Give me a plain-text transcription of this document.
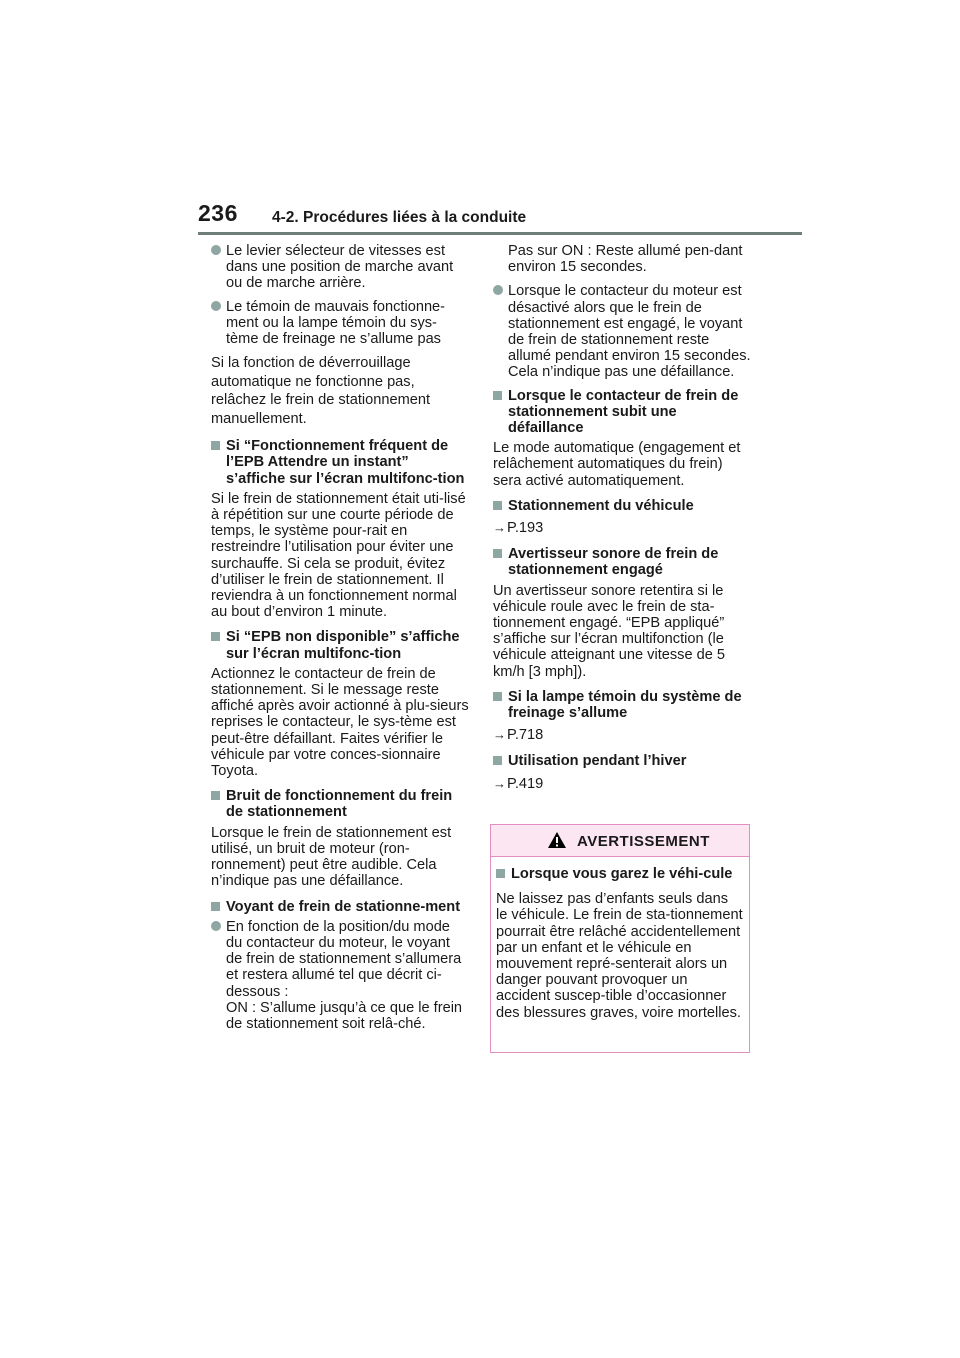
236 4-2. Procédures liées à la conduite
Le levier sélecteur de vitesses est dans une position de marche avant ou de marche arrière.
Le témoin de mauvais fonctionne-ment ou la lampe témoin du sys-tème de freinage ne s’allume pas

Si la fonction de déverrouillage automatique ne fonctionne pas, relâchez le frein de stationnement manuellement.

Si “Fonctionnement fréquent de l’EPB Attendre un instant” s’affiche sur l’écran multifonc-tion

Si le frein de stationnement était uti-lisé à répétition sur une courte période de temps, le système pour-rait en restreindre l’utilisation pour éviter une surchauffe. Si cela se produit, évitez d’utiliser le frein de stationnement. Il reviendra à un fonctionnement normal au bout d’environ 1 minute.

Si “EPB non disponible” s’affiche sur l’écran multifonc-tion

Actionnez le contacteur de frein de stationnement. Si le message reste affiché après avoir actionné à plu-sieurs reprises le contacteur, le sys-tème est peut-être défaillant. Faites vérifier le véhicule par votre conces-sionnaire Toyota.

Bruit de fonctionnement du frein de stationnement

Lorsque le frein de stationnement est utilisé, un bruit de moteur (ron-ronnement) peut être audible. Cela n’indique pas une défaillance.

Voyant de frein de stationne-ment
En fonction de la position/du mode du contacteur du moteur, le voyant de frein de stationnement s’allumera et restera allumé tel que décrit ci-dessous :
ON : S’allume jusqu’à ce que le frein de stationnement soit relâ-ché.

Pas sur ON : Reste allumé pen-dant environ 15 secondes.

Lorsque le contacteur du moteur est désactivé alors que le frein de stationnement est engagé, le voyant de frein de stationnement reste allumé pendant environ 15 secondes. Cela n’indique pas une défaillance.
Lorsque le contacteur de frein de stationnement subit une défaillance

Le mode automatique (engagement et relâchement automatiques du frein) sera activé automatiquement.

Stationnement du véhicule
→ P.193
Avertisseur sonore de frein de stationnement engagé

Un avertisseur sonore retentira si le véhicule roule avec le frein de sta-tionnement engagé. “EPB appliqué” s’affiche sur l’écran multifonction (le véhicule atteignant une vitesse de 5 km/h [3 mph]).

Si la lampe témoin du système de freinage s’allume
→ P.718
Utilisation pendant l’hiver
→ P.419
AVERTISSEMENT
Lorsque vous garez le véhi-cule

Ne laissez pas d’enfants seuls dans le véhicule. Le frein de sta-tionnement pourrait être relâché accidentellement par un enfant et le véhicule en mouvement repré-senterait alors un danger pouvant provoquer un accident suscep-tible d’occasionner des blessures graves, voire mortelles.
